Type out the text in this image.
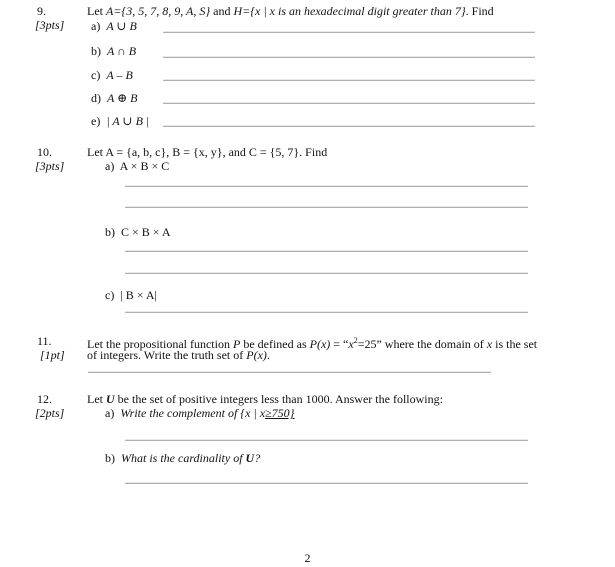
9.
[3pts]
Let A={3, 5, 7, 8, 9, A, S} and H={x | x is an hexadecimal digit greater than 7}. Find
a) A ∪ B
b) A ∩ B
c) A – B
d) A ⊕ B
e) | A ∪ B |
10.
[3pts]
Let A = {a, b, c}, B = {x, y}, and C = {5, 7}. Find
a) A × B × C
b) C × B × A
c) | B × A|
11.
[1pt]
Let the propositional function P be defined as $P(x) = “x^2=25$” where the domain of x is the set
of integers. Write the truth set of P(x).
12.
[2pts]
Let U be the set of positive integers less than 1000. Answer the following:
a) Write the complement of {x | x≥750}
b) What is the cardinality of U?
2
